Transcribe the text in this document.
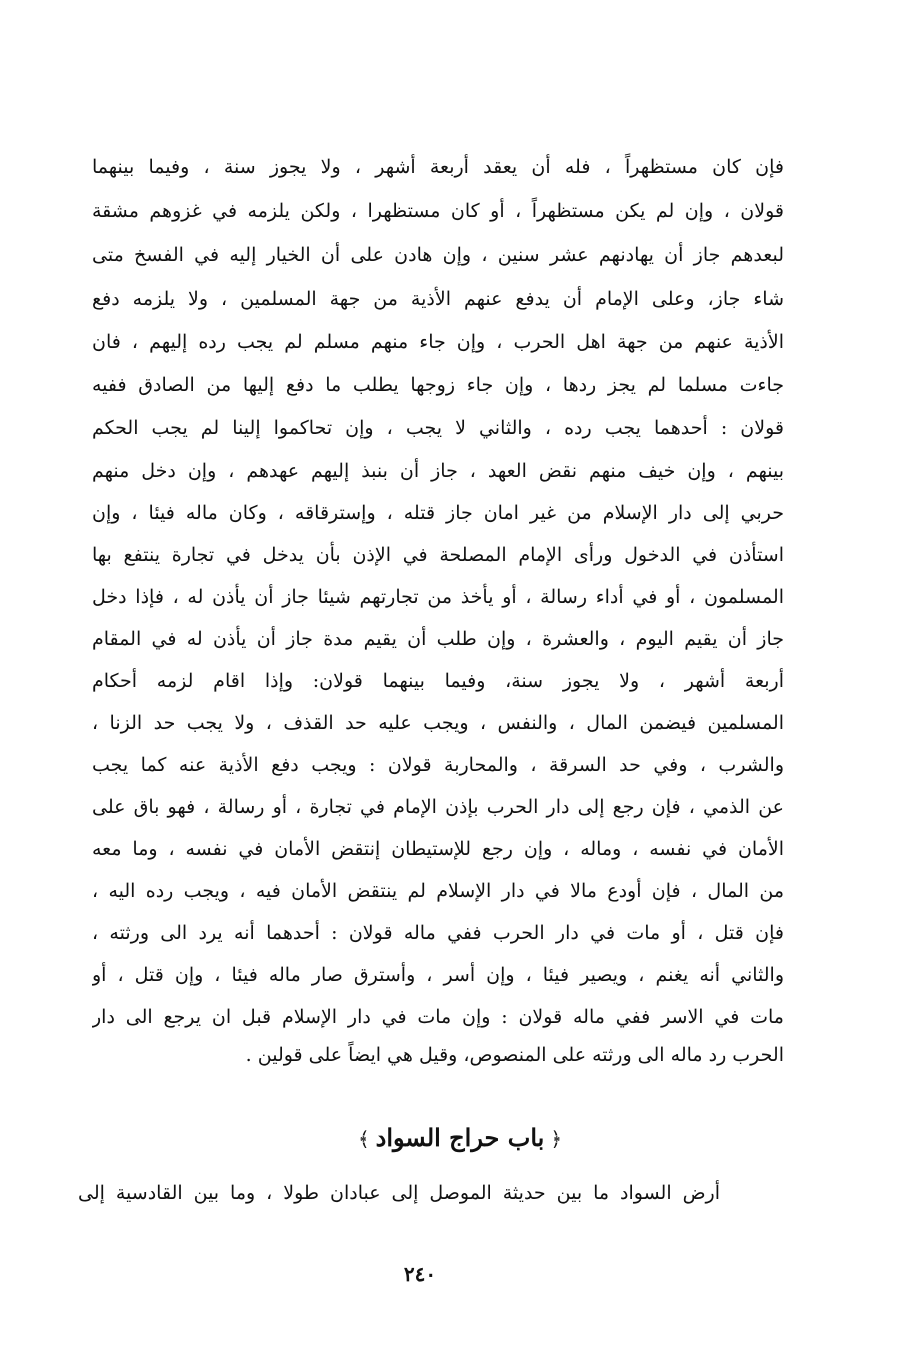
فإن كان مستظهراً ، فله أن يعقد أربعة أشهر ، ولا يجوز سنة ، وفيما بينهما
قولان ، وإن لم يكن مستظهراً ، أو كان مستظهرا ، ولكن يلزمه في غزوهم مشقة
لبعدهم جاز أن يهادنهم عشر سنين ، وإن هادن على أن الخيار إليه في الفسخ متى
شاء جاز، وعلى الإمام أن يدفع عنهم الأذية من جهة المسلمين ، ولا يلزمه دفع
الأذية عنهم من جهة اهل الحرب ، وإن جاء منهم مسلم لم يجب رده إليهم ، فان
جاءت مسلما لم يجز ردها ، وإن جاء زوجها يطلب ما دفع إليها من الصادق ففيه
قولان : أحدهما يجب رده ، والثاني لا يجب ، وإن تحاكموا إلينا لم يجب الحكم
بينهم ، وإن خيف منهم نقض العهد ، جاز أن بنبذ إليهم عهدهم ، وإن دخل منهم
حربي إلى دار الإسلام من غير امان جاز قتله ، وإسترقاقه ، وكان ماله فيئا ، وإن
استأذن في الدخول ورأى الإمام المصلحة في الإذن بأن يدخل في تجارة ينتفع بها
المسلمون ، أو في أداء رسالة ، أو يأخذ من تجارتهم شيئا جاز أن يأذن له ، فإذا دخل
جاز أن يقيم اليوم ، والعشرة ، وإن طلب أن يقيم مدة جاز أن يأذن له في المقام
أربعة أشهر ، ولا يجوز سنة، وفيما بينهما قولان: وإذا اقام لزمه أحكام
المسلمين فيضمن المال ، والنفس ، ويجب عليه حد القذف ، ولا يجب حد الزنا ،
والشرب ، وفي حد السرقة ، والمحاربة قولان : ويجب دفع الأذية عنه كما يجب
عن الذمي ، فإن رجع إلى دار الحرب بإذن الإمام في تجارة ، أو رسالة ، فهو باق على
الأمان في نفسه ، وماله ، وإن رجع للإستيطان إنتقض الأمان في نفسه ، وما معه
من المال ، فإن أودع مالا في دار الإسلام لم ينتقض الأمان فيه ، ويجب رده اليه ،
فإن قتل ، أو مات في دار الحرب ففي ماله قولان : أحدهما أنه يرد الى ورثته ،
والثاني أنه يغنم ، ويصير فيئا ، وإن أسر ، وأسترق صار ماله فيئا ، وإن قتل ، أو
مات في الاسر ففي ماله قولان : وإن مات في دار الإسلام قبل ان يرجع الى دار
الحرب رد ماله الى ورثته على المنصوص، وقيل هي ايضاً على قولين .
﴿باب حراج السواد﴾
أرض السواد ما بين حديثة الموصل إلى عبادان طولا ، وما بين القادسية إلى
٢٤٠
